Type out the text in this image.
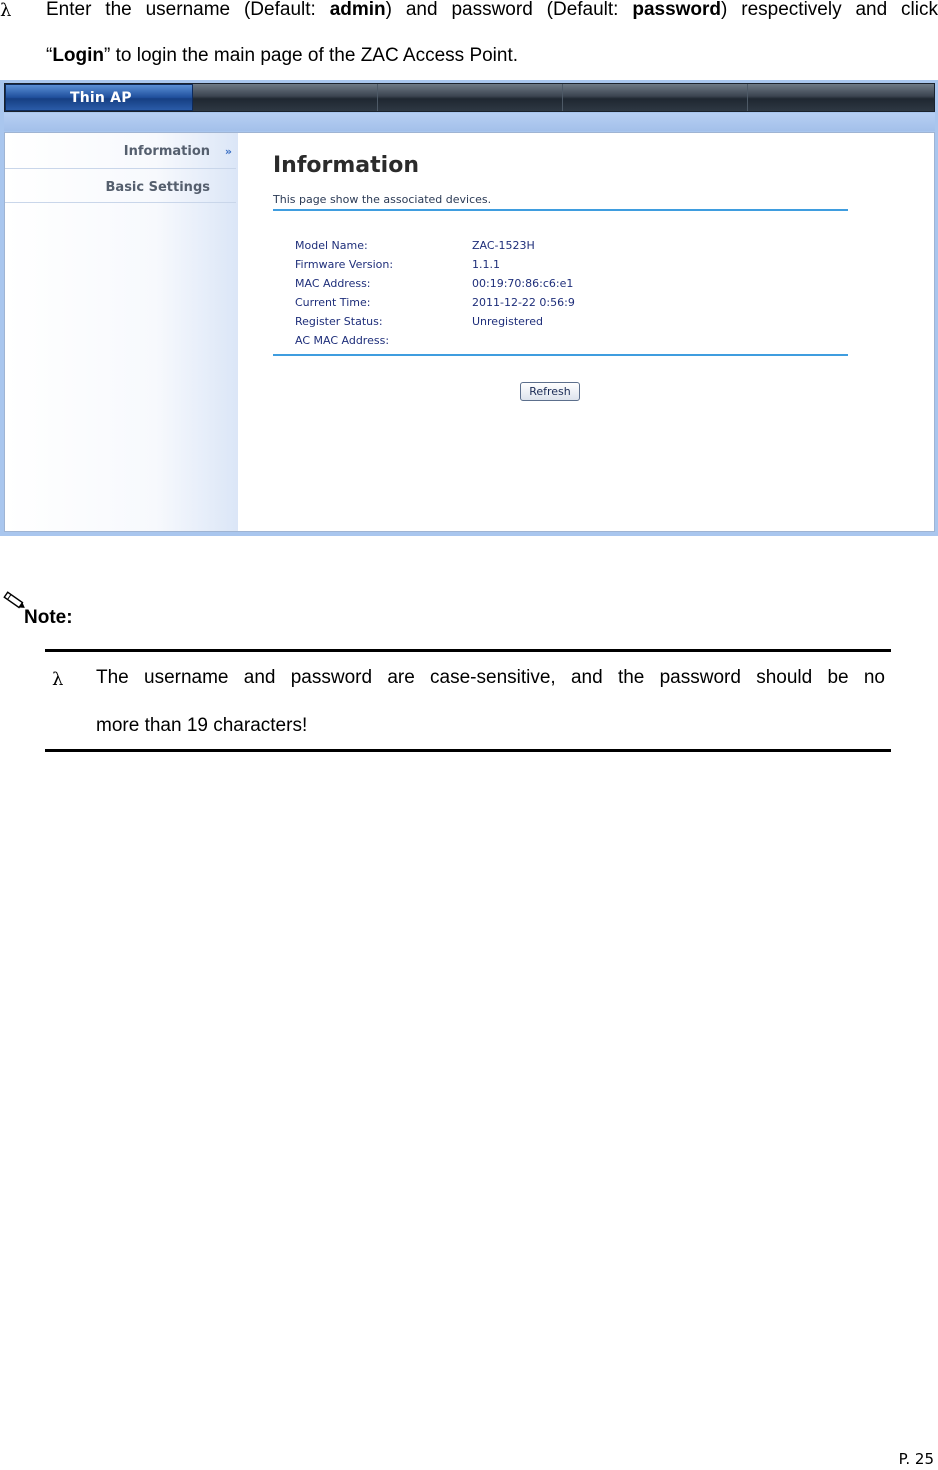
λ Enter the username (Default: admin) and password (Default: password) respectively and click
“Login” to login the main page of the ZAC Access Point.
Thin AP
Information »
Basic Settings
Information
This page show the associated devices.
Model Name:	ZAC-1523H
Firmware Version:	1.1.1
MAC Address:	00:19:70:86:c6:e1
Current Time:	2011-12-22 0:56:9
Register Status:	Unregistered
AC MAC Address:
Refresh
Note:
λ The username and password are case-sensitive, and the password should be no
more than 19 characters!
P. 25
